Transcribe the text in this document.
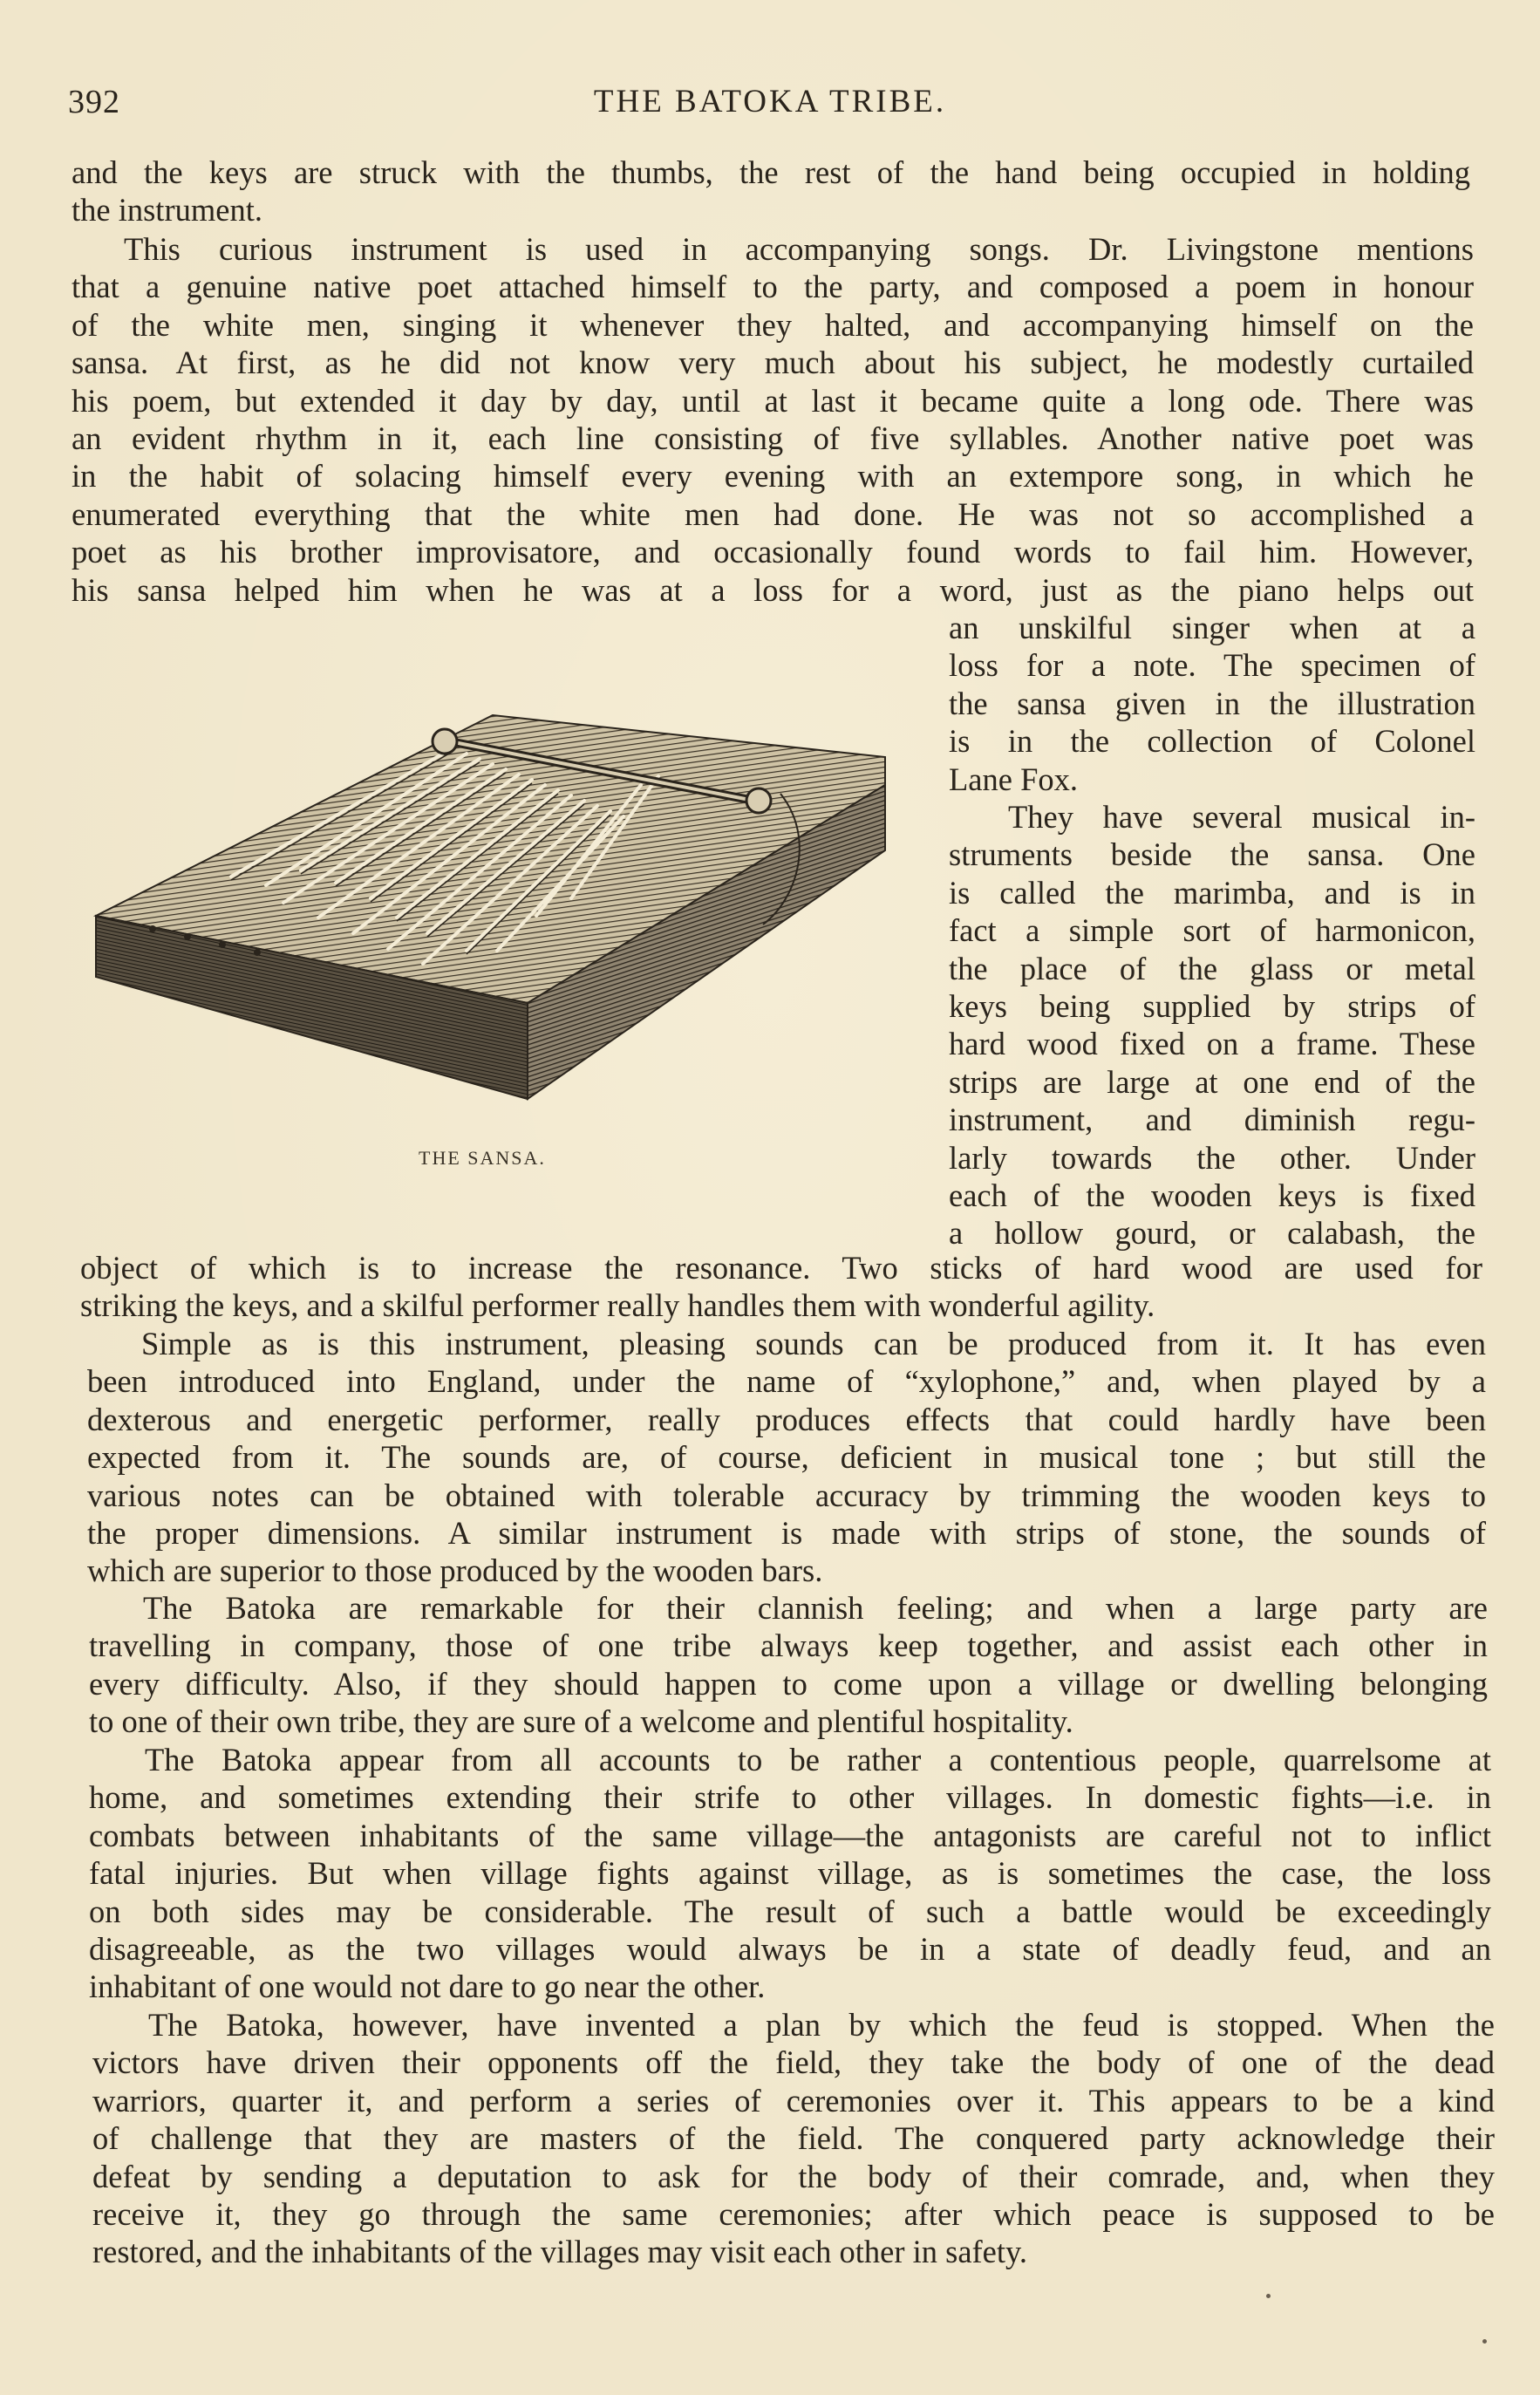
392	THE BATOKA TRIBE.

and the keys are struck with the thumbs, the rest of the hand being occupied in holding
the instrument.

This curious instrument is used in accompanying songs. Dr. Livingstone mentions
that a genuine native poet attached himself to the party, and composed a poem in honour
of the white men, singing it whenever they halted, and accompanying himself on the
sansa. At first, as he did not know very much about his subject, he modestly curtailed
his poem, but extended it day by day, until at last it became quite a long ode. There was
an evident rhythm in it, each line consisting of five syllables. Another native poet was
in the habit of solacing himself every evening with an extempore song, in which he
enumerated everything that the white men had done. He was not so accomplished a
poet as his brother improvisatore, and occasionally found words to fail him. However,
his sansa helped him when he was at a loss for a word, just as the piano helps out
an unskilful singer when at a
loss for a note. The specimen of
the sansa given in the illustration
is in the collection of Colonel
Lane Fox.
They have several musical in-
struments beside the sansa. One
is called the marimba, and is in
fact a simple sort of harmonicon,
the place of the glass or metal
keys being supplied by strips of
hard wood fixed on a frame. These
strips are large at one end of the
instrument, and diminish regu-
larly towards the other. Under
each of the wooden keys is fixed
a hollow gourd, or calabash, the
THE SANSA.
object of which is to increase the resonance. Two sticks of hard wood are used for
striking the keys, and a skilful performer really handles them with wonderful agility.
Simple as is this instrument, pleasing sounds can be produced from it. It has even
been introduced into England, under the name of “xylophone,” and, when played by a
dexterous and energetic performer, really produces effects that could hardly have been
expected from it. The sounds are, of course, deficient in musical tone ; but still the
various notes can be obtained with tolerable accuracy by trimming the wooden keys to
the proper dimensions. A similar instrument is made with strips of stone, the sounds of
which are superior to those produced by the wooden bars.
The Batoka are remarkable for their clannish feeling; and when a large party are
travelling in company, those of one tribe always keep together, and assist each other in
every difficulty. Also, if they should happen to come upon a village or dwelling belonging
to one of their own tribe, they are sure of a welcome and plentiful hospitality.
The Batoka appear from all accounts to be rather a contentious people, quarrelsome at
home, and sometimes extending their strife to other villages. In domestic fights—i.e. in
combats between inhabitants of the same village—the antagonists are careful not to inflict
fatal injuries. But when village fights against village, as is sometimes the case, the loss
on both sides may be considerable. The result of such a battle would be exceedingly
disagreeable, as the two villages would always be in a state of deadly feud, and an
inhabitant of one would not dare to go near the other.
The Batoka, however, have invented a plan by which the feud is stopped. When the
victors have driven their opponents off the field, they take the body of one of the dead
warriors, quarter it, and perform a series of ceremonies over it. This appears to be a kind
of challenge that they are masters of the field. The conquered party acknowledge their
defeat by sending a deputation to ask for the body of their comrade, and, when they
receive it, they go through the same ceremonies; after which peace is supposed to be
restored, and the inhabitants of the villages may visit each other in safety.
